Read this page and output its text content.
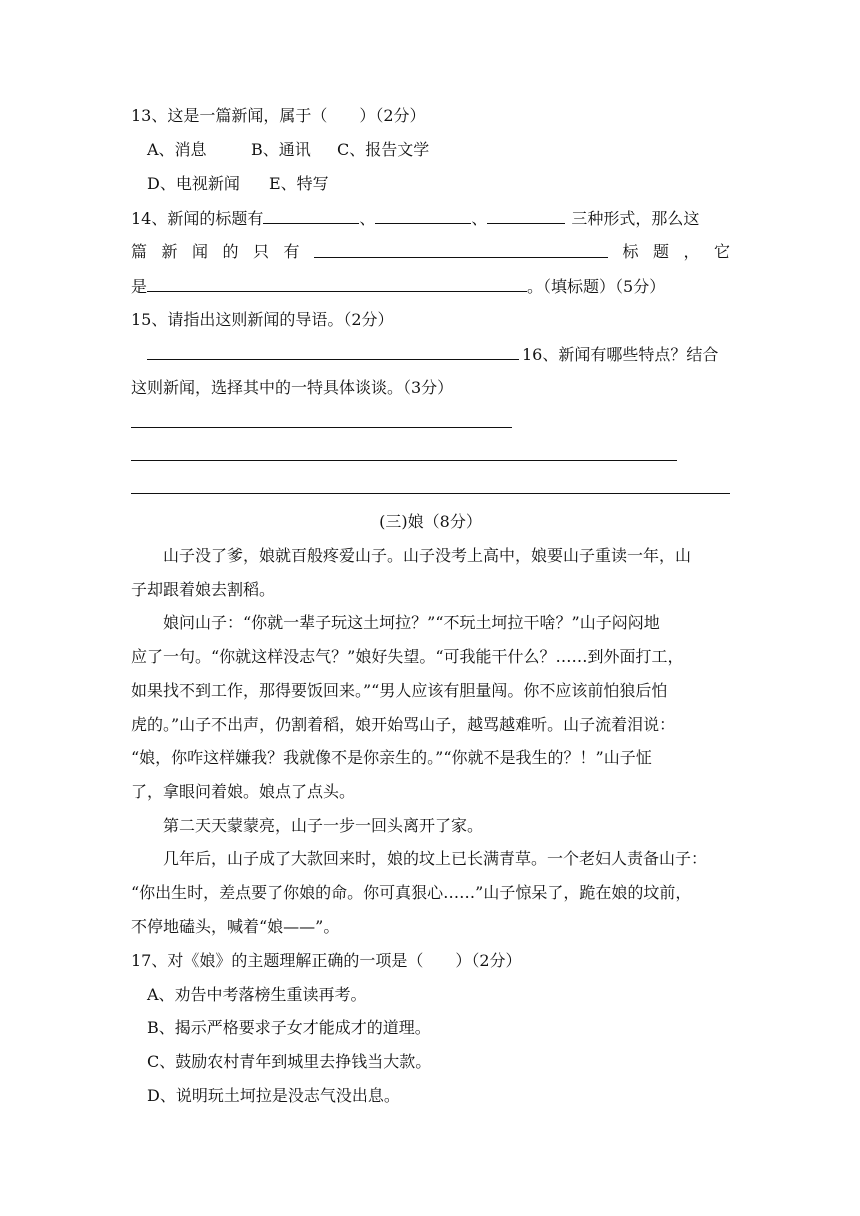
13、这是一篇新闻，属于（　　）（2分）
A、消息	B、通讯 C、报告文学
D、电视新闻 E、特写
14、新闻的标题有	、	、	三种形式，那么这
篇 新 闻 的 只 有	标 题 ， 它
是	。（填标题）（5分）
15、请指出这则新闻的导语。（2分）
16、新闻有哪些特点？结合
这则新闻，选择其中的一特具体谈谈。（3分）
(三)娘（8分）
山子没了爹，娘就百般疼爱山子。山子没考上高中，娘要山子重读一年，山
子却跟着娘去割稻。
娘问山子：“你就一辈子玩这土坷拉？”“不玩土坷拉干啥？”山子闷闷地
应了一句。“你就这样没志气？”娘好失望。“可我能干什么？……到外面打工，
如果找不到工作，那得要饭回来。”“男人应该有胆量闯。你不应该前怕狼后怕
虎的。”山子不出声，仍割着稻，娘开始骂山子，越骂越难听。山子流着泪说：
“娘，你咋这样嫌我？我就像不是你亲生的。”“你就不是我生的？！”山子怔
了，拿眼问着娘。娘点了点头。
第二天天蒙蒙亮，山子一步一回头离开了家。
几年后，山子成了大款回来时，娘的坟上已长满青草。一个老妇人责备山子：
“你出生时，差点要了你娘的命。你可真狠心……”山子惊呆了，跪在娘的坟前，
不停地磕头，喊着“娘——”。
17、对《娘》的主题理解正确的一项是（　　）（2分）
A、劝告中考落榜生重读再考。
B、揭示严格要求子女才能成才的道理。
C、鼓励农村青年到城里去挣钱当大款。
D、说明玩土坷拉是没志气没出息。
